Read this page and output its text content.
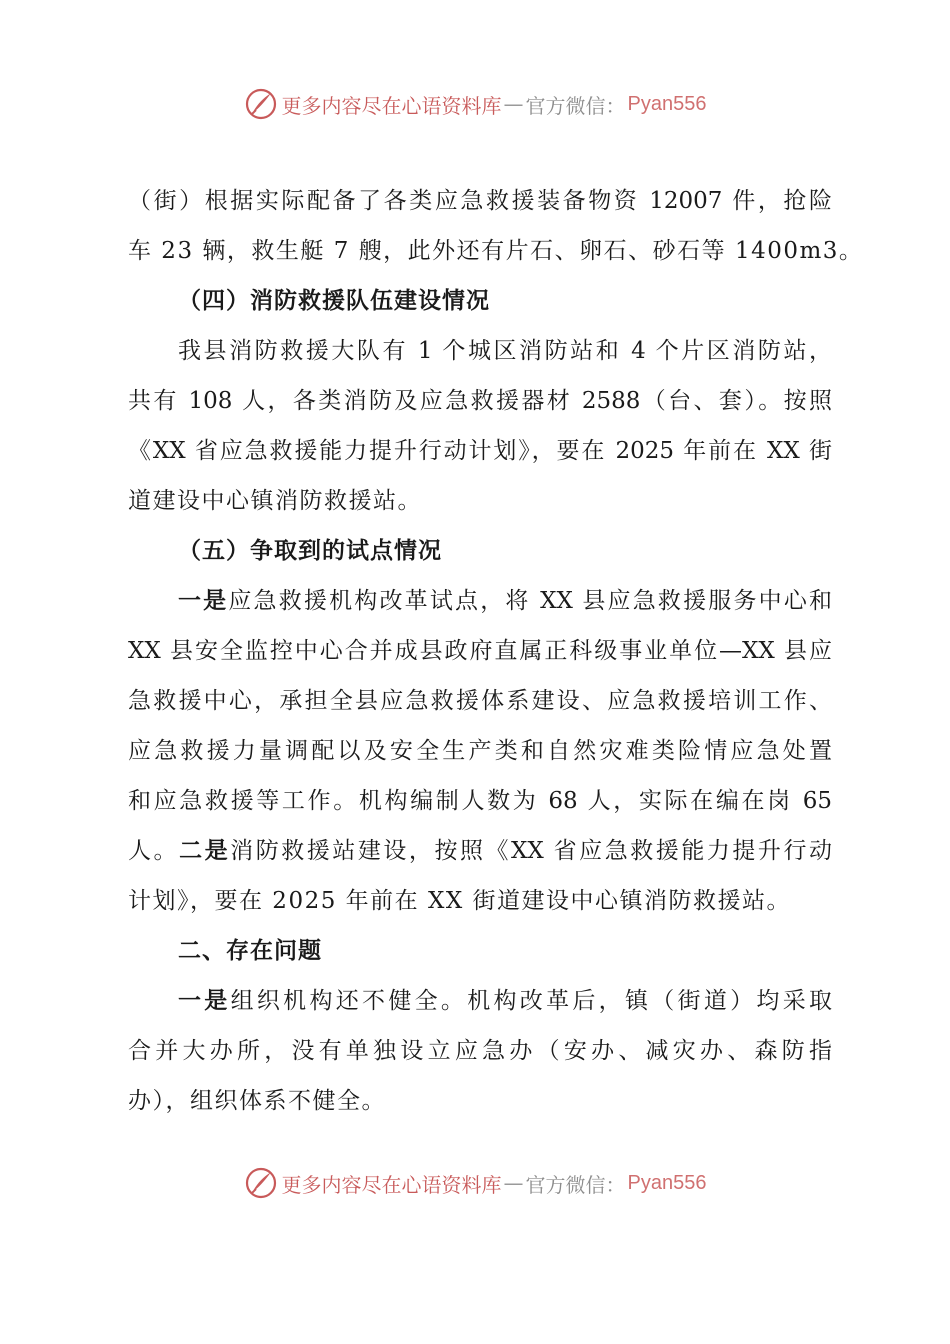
更多内容尽在心语资料库 — 官方微信： Pyan556
（街）根据实际配备了各类应急救援装备物资 12007 件，抢险
车 23 辆，救生艇 7 艘，此外还有片石、卵石、砂石等 1400m3。
（四）消防救援队伍建设情况
我县消防救援大队有 1 个城区消防站和 4 个片区消防站，
共有 108 人，各类消防及应急救援器材 2588（台、套）。按照
《XX 省应急救援能力提升行动计划》，要在 2025 年前在 XX 街
道建设中心镇消防救援站。
（五）争取到的试点情况
一是应急救援机构改革试点，将 XX 县应急救援服务中心和
XX 县安全监控中心合并成县政府直属正科级事业单位—XX 县应
急救援中心，承担全县应急救援体系建设、应急救援培训工作、
应急救援力量调配以及安全生产类和自然灾难类险情应急处置
和应急救援等工作。机构编制人数为 68 人，实际在编在岗 65
人。二是消防救援站建设，按照《XX 省应急救援能力提升行动
计划》，要在 2025 年前在 XX 街道建设中心镇消防救援站。
二、存在问题
一是组织机构还不健全。机构改革后，镇（街道）均采取
合并大办所，没有单独设立应急办（安办、减灾办、森防指
办），组织体系不健全。
更多内容尽在心语资料库 — 官方微信： Pyan556
